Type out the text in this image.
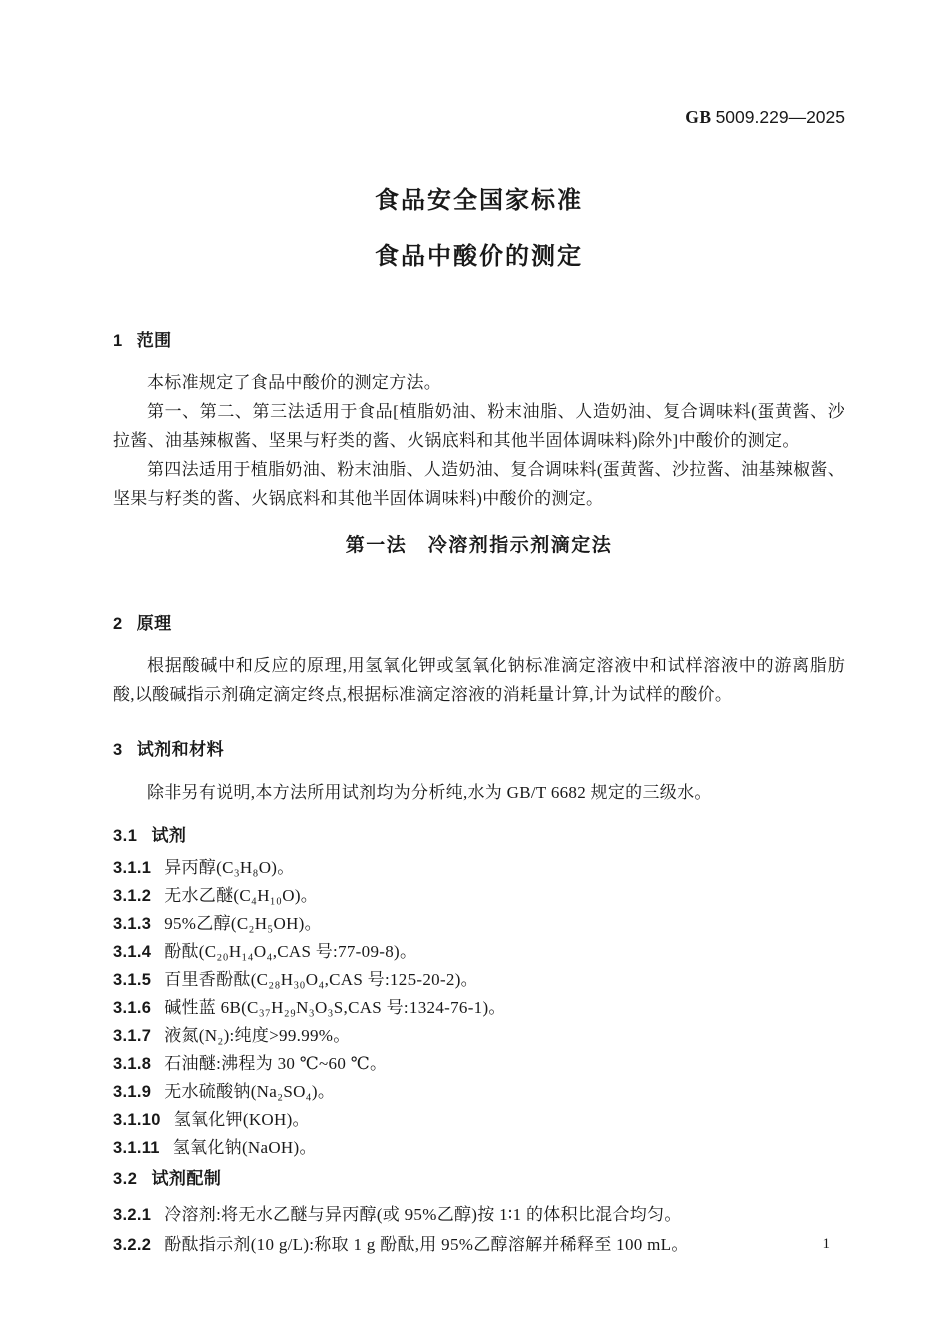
GB 5009.229—2025
食品安全国家标准
食品中酸价的测定
1 范围

本标准规定了食品中酸价的测定方法。

第一、第二、第三法适用于食品[植脂奶油、粉末油脂、人造奶油、复合调味料(蛋黄酱、沙拉酱、油基辣椒酱、坚果与籽类的酱、火锅底料和其他半固体调味料)除外]中酸价的测定。

第四法适用于植脂奶油、粉末油脂、人造奶油、复合调味料(蛋黄酱、沙拉酱、油基辣椒酱、坚果与籽类的酱、火锅底料和其他半固体调味料)中酸价的测定。

第一法　冷溶剂指示剂滴定法
2 原理

根据酸碱中和反应的原理,用氢氧化钾或氢氧化钠标准滴定溶液中和试样溶液中的游离脂肪酸,以酸碱指示剂确定滴定终点,根据标准滴定溶液的消耗量计算,计为试样的酸价。

3 试剂和材料

除非另有说明,本方法所用试剂均为分析纯,水为 GB/T 6682 规定的三级水。

3.1 试剂
3.1.1 异丙醇(C₃H₈O)。
3.1.2 无水乙醚(C₄H₁₀O)。
3.1.3 95%乙醇(C₂H₅OH)。
3.1.4 酚酞(C₂₀H₁₄O₄,CAS 号:77-09-8)。
3.1.5 百里香酚酞(C₂₈H₃₀O₄,CAS 号:125-20-2)。
3.1.6 碱性蓝 6B(C₃₇H₂₉N₃O₃S,CAS 号:1324-76-1)。
3.1.7 液氮(N₂):纯度>99.99%。
3.1.8 石油醚:沸程为 30 ℃~60 ℃。
3.1.9 无水硫酸钠(Na₂SO₄)。
3.1.10 氢氧化钾(KOH)。
3.1.11 氢氧化钠(NaOH)。
3.2 试剂配制
3.2.1 冷溶剂:将无水乙醚与异丙醇(或 95%乙醇)按 1∶1 的体积比混合均匀。
3.2.2 酚酞指示剂(10 g/L):称取 1 g 酚酞,用 95%乙醇溶解并稀释至 100 mL。	1
